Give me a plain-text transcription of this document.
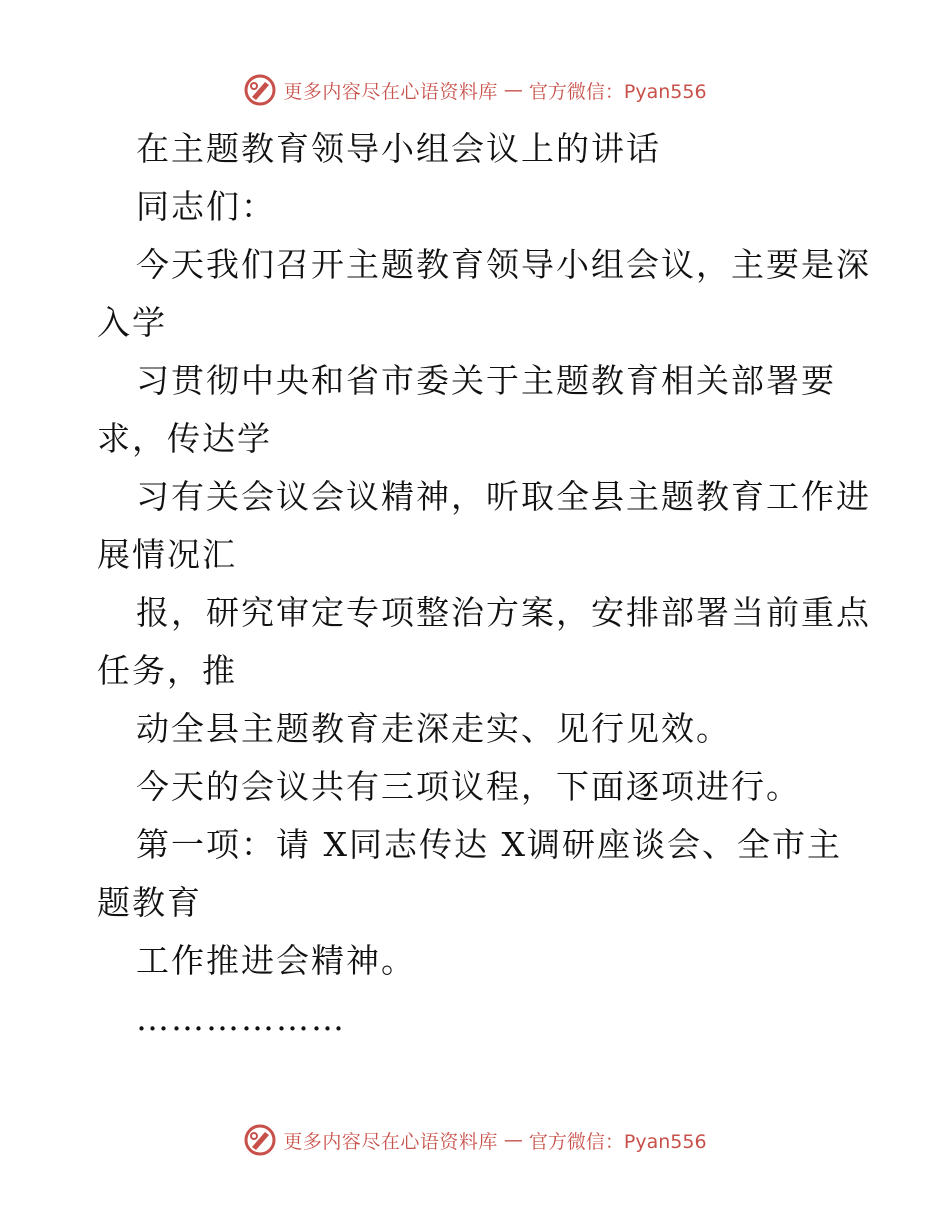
更多内容尽在心语资料库 — 官方微信：Pyan556
在主题教育领导小组会议上的讲话
同志们：
今天我们召开主题教育领导小组会议，主要是深
入学
习贯彻中央和省市委关于主题教育相关部署要
求，传达学
习有关会议会议精神，听取全县主题教育工作进
展情况汇
报，研究审定专项整治方案，安排部署当前重点
任务，推
动全县主题教育走深走实、见行见效。
今天的会议共有三项议程，下面逐项进行。
第一项：请 X同志传达 X调研座谈会、全市主
题教育
工作推进会精神。
………………
更多内容尽在心语资料库 — 官方微信：Pyan556
